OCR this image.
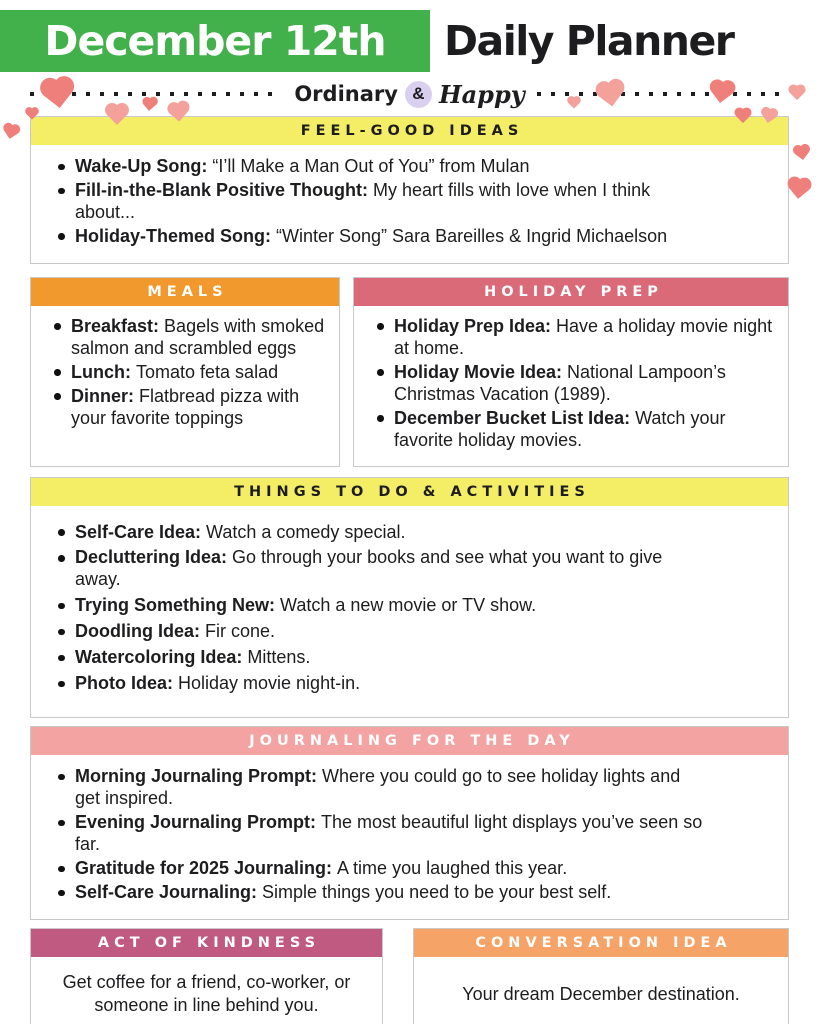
December 12th Daily Planner
Ordinary & Happy
FEEL-GOOD IDEAS
Wake-Up Song: “I’ll Make a Man Out of You” from Mulan
Fill-in-the-Blank Positive Thought: My heart fills with love when I think about...
Holiday-Themed Song: “Winter Song” Sara Bareilles & Ingrid Michaelson
MEALS
Breakfast: Bagels with smoked salmon and scrambled eggs
Lunch: Tomato feta salad
Dinner: Flatbread pizza with your favorite toppings
HOLIDAY PREP
Holiday Prep Idea: Have a holiday movie night at home.
Holiday Movie Idea: National Lampoon’s Christmas Vacation (1989).
December Bucket List Idea: Watch your favorite holiday movies.
THINGS TO DO & ACTIVITIES
Self-Care Idea: Watch a comedy special.
Decluttering Idea: Go through your books and see what you want to give away.
Trying Something New: Watch a new movie or TV show.
Doodling Idea: Fir cone.
Watercoloring Idea: Mittens.
Photo Idea: Holiday movie night-in.
JOURNALING FOR THE DAY
Morning Journaling Prompt: Where you could go to see holiday lights and get inspired.
Evening Journaling Prompt: The most beautiful light displays you’ve seen so far.
Gratitude for 2025 Journaling: A time you laughed this year.
Self-Care Journaling: Simple things you need to be your best self.
ACT OF KINDNESS

Get coffee for a friend, co-worker, or someone in line behind you.

CONVERSATION IDEA

Your dream December destination.
